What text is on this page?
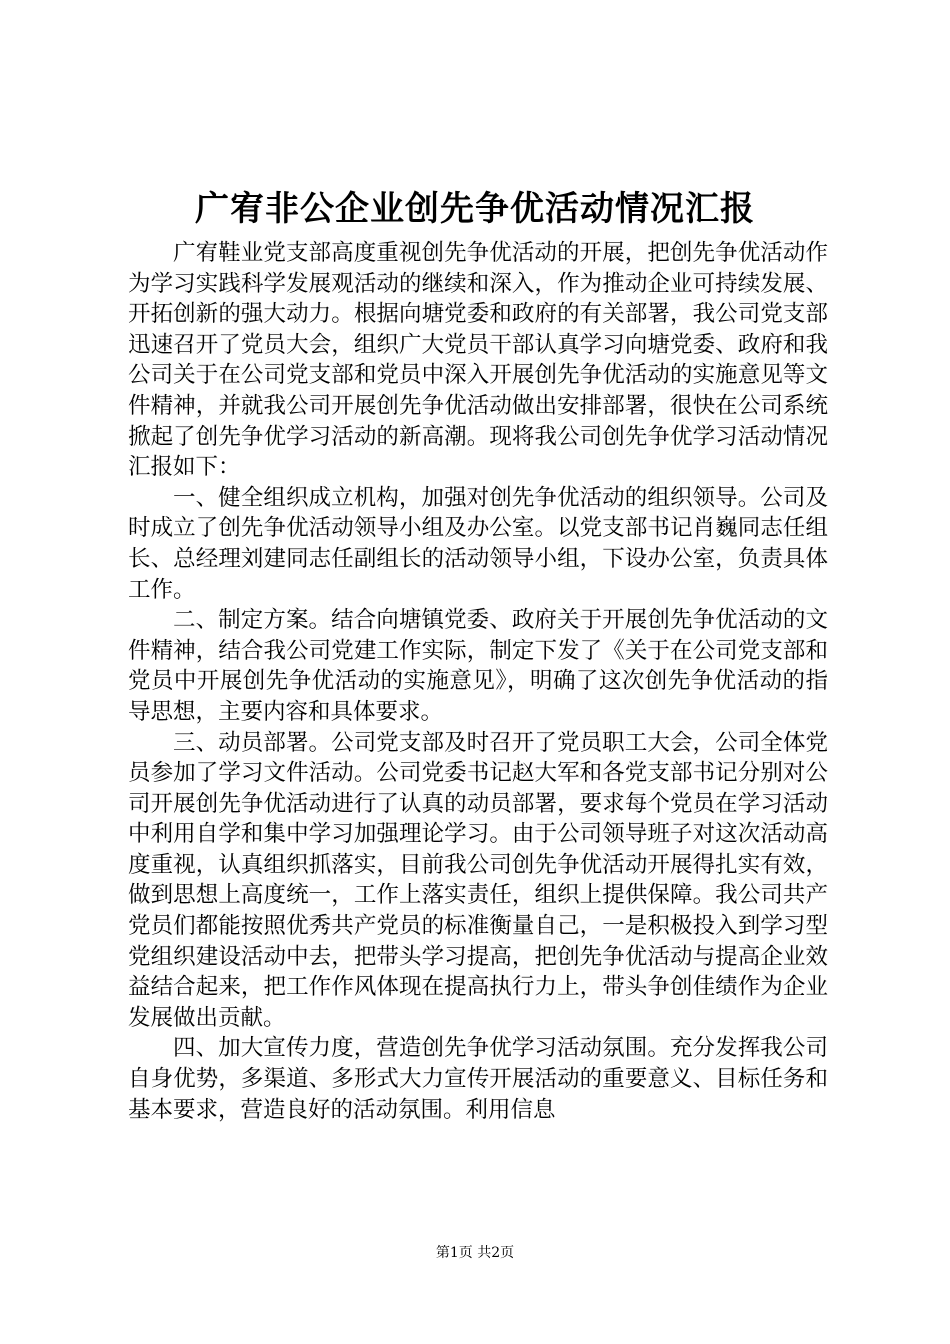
广宥非公企业创先争优活动情况汇报

广宥鞋业党支部高度重视创先争优活动的开展，把创先争优活动作为学习实践科学发展观活动的继续和深入，作为推动企业可持续发展、开拓创新的强大动力。根据向塘党委和政府的有关部署，我公司党支部迅速召开了党员大会，组织广大党员干部认真学习向塘党委、政府和我公司关于在公司党支部和党员中深入开展创先争优活动的实施意见等文件精神，并就我公司开展创先争优活动做出安排部署，很快在公司系统掀起了创先争优学习活动的新高潮。现将我公司创先争优学习活动情况汇报如下：

一、健全组织成立机构，加强对创先争优活动的组织领导。公司及时成立了创先争优活动领导小组及办公室。以党支部书记肖巍同志任组长、总经理刘建同志任副组长的活动领导小组，下设办公室，负责具体工作。

二、制定方案。结合向塘镇党委、政府关于开展创先争优活动的文件精神，结合我公司党建工作实际，制定下发了《关于在公司党支部和党员中开展创先争优活动的实施意见》，明确了这次创先争优活动的指导思想，主要内容和具体要求。

三、动员部署。公司党支部及时召开了党员职工大会，公司全体党员参加了学习文件活动。公司党委书记赵大军和各党支部书记分别对公司开展创先争优活动进行了认真的动员部署，要求每个党员在学习活动中利用自学和集中学习加强理论学习。由于公司领导班子对这次活动高度重视，认真组织抓落实，目前我公司创先争优活动开展得扎实有效，做到思想上高度统一，工作上落实责任，组织上提供保障。我公司共产党员们都能按照优秀共产党员的标准衡量自己，一是积极投入到学习型党组织建设活动中去，把带头学习提高，把创先争优活动与提高企业效益结合起来，把工作作风体现在提高执行力上，带头争创佳绩作为企业发展做出贡献。

四、加大宣传力度，营造创先争优学习活动氛围。充分发挥我公司自身优势，多渠道、多形式大力宣传开展活动的重要意义、目标任务和基本要求，营造良好的活动氛围。利用信息

第1页 共2页
